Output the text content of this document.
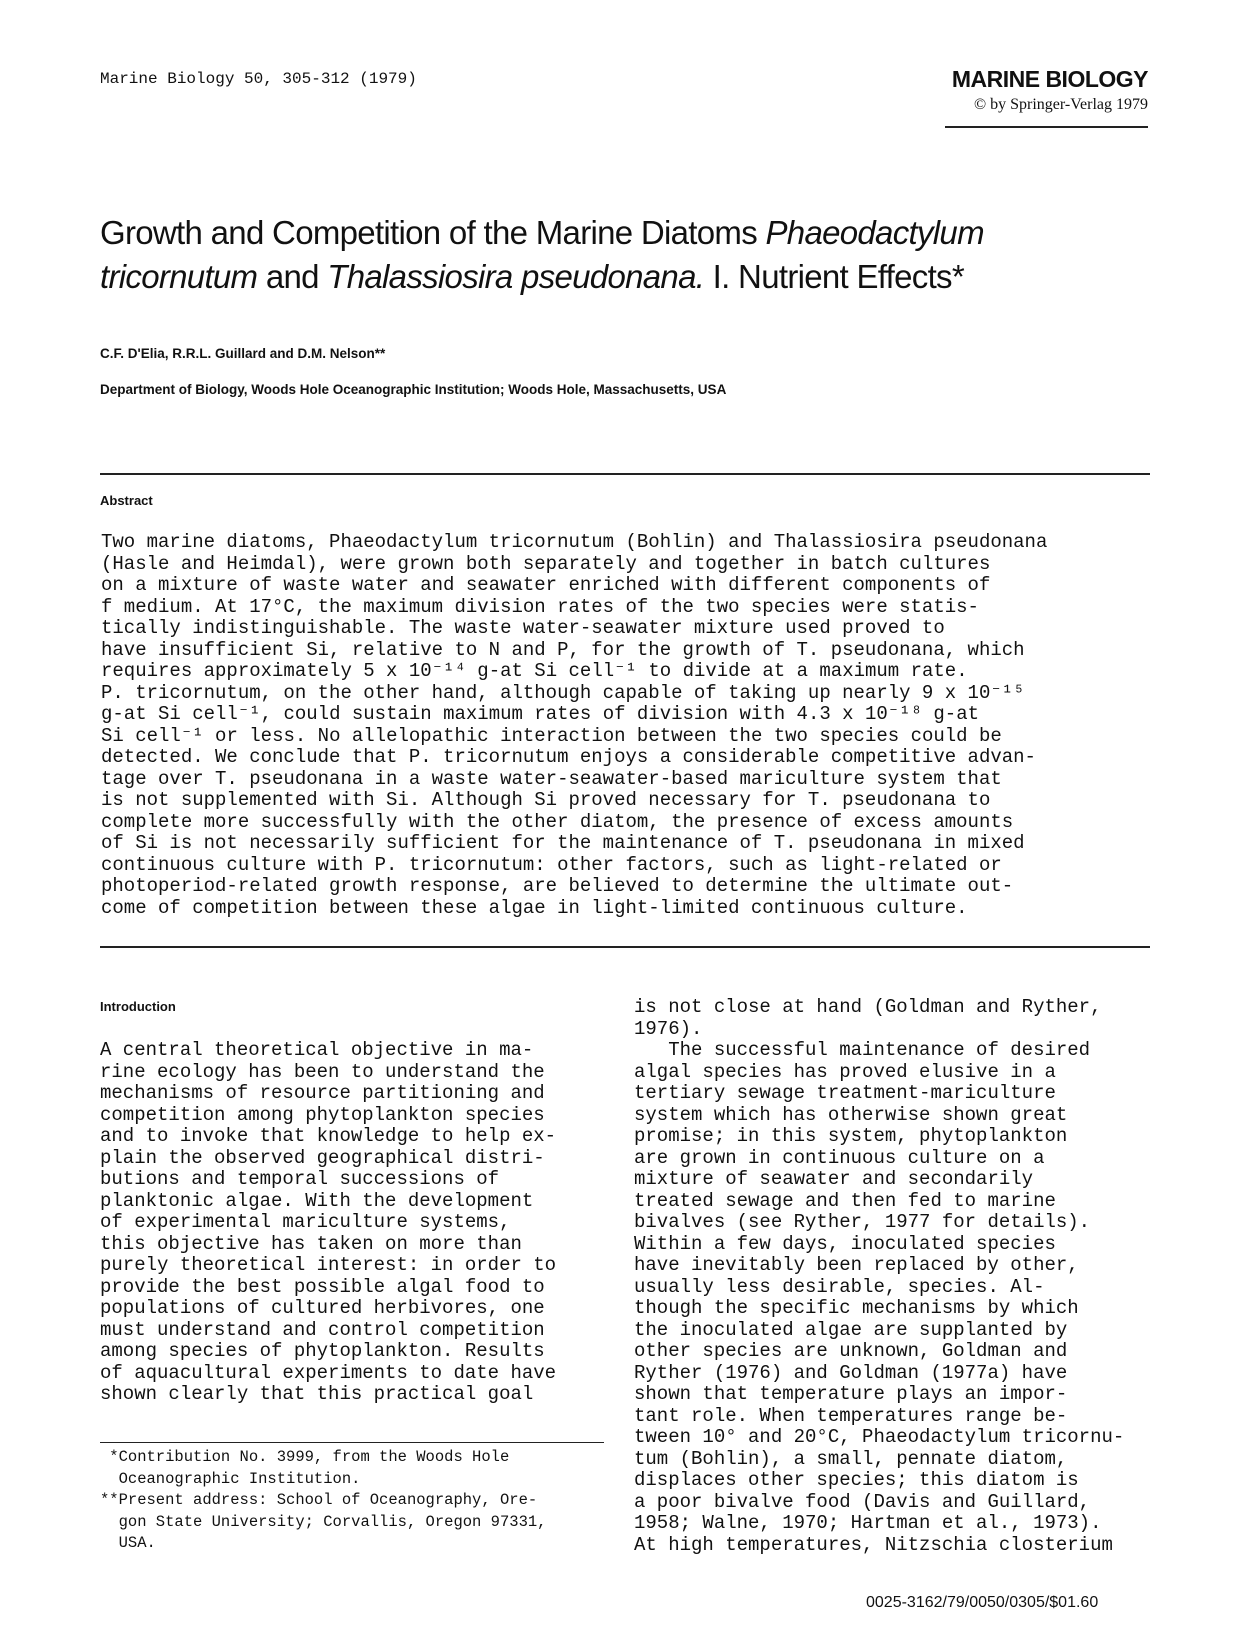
Marine Biology 50, 305-312 (1979)	MARINE BIOLOGY
© by Springer-Verlag 1979
Growth and Competition of the Marine Diatoms Phaeodactylum
tricornutum and Thalassiosira pseudonana. I. Nutrient Effects*
C.F. D'Elia, R.R.L. Guillard and D.M. Nelson**
Department of Biology, Woods Hole Oceanographic Institution; Woods Hole, Massachusetts, USA
Abstract
Two marine diatoms, Phaeodactylum tricornutum (Bohlin) and Thalassiosira pseudonana
(Hasle and Heimdal), were grown both separately and together in batch cultures
on a mixture of waste water and seawater enriched with different components of
f medium. At 17°C, the maximum division rates of the two species were statis-
tically indistinguishable. The waste water-seawater mixture used proved to
have insufficient Si, relative to N and P, for the growth of T. pseudonana, which
requires approximately 5 x 10⁻¹⁴ g-at Si cell⁻¹ to divide at a maximum rate.
P. tricornutum, on the other hand, although capable of taking up nearly 9 x 10⁻¹⁵
g-at Si cell⁻¹, could sustain maximum rates of division with 4.3 x 10⁻¹⁸ g-at
Si cell⁻¹ or less. No allelopathic interaction between the two species could be
detected. We conclude that P. tricornutum enjoys a considerable competitive advan-
tage over T. pseudonana in a waste water-seawater-based mariculture system that
is not supplemented with Si. Although Si proved necessary for T. pseudonana to
complete more successfully with the other diatom, the presence of excess amounts
of Si is not necessarily sufficient for the maintenance of T. pseudonana in mixed
continuous culture with P. tricornutum: other factors, such as light-related or
photoperiod-related growth response, are believed to determine the ultimate out-
come of competition between these algae in light-limited continuous culture.
Introduction
A central theoretical objective in ma-
rine ecology has been to understand the
mechanisms of resource partitioning and
competition among phytoplankton species
and to invoke that knowledge to help ex-
plain the observed geographical distri-
butions and temporal successions of
planktonic algae. With the development
of experimental mariculture systems,
this objective has taken on more than
purely theoretical interest: in order to
provide the best possible algal food to
populations of cultured herbivores, one
must understand and control competition
among species of phytoplankton. Results
of aquacultural experiments to date have
shown clearly that this practical goal
is not close at hand (Goldman and Ryther,
1976).
The successful maintenance of desired
algal species has proved elusive in a
tertiary sewage treatment-mariculture
system which has otherwise shown great
promise; in this system, phytoplankton
are grown in continuous culture on a
mixture of seawater and secondarily
treated sewage and then fed to marine
bivalves (see Ryther, 1977 for details).
Within a few days, inoculated species
have inevitably been replaced by other,
usually less desirable, species. Al-
though the specific mechanisms by which
the inoculated algae are supplanted by
other species are unknown, Goldman and
Ryther (1976) and Goldman (1977a) have
shown that temperature plays an impor-
tant role. When temperatures range be-
tween 10° and 20°C, Phaeodactylum tricornu-
tum (Bohlin), a small, pennate diatom,
displaces other species; this diatom is
a poor bivalve food (Davis and Guillard,
1958; Walne, 1970; Hartman et al., 1973).
At high temperatures, Nitzschia closterium
*Contribution No. 3999, from the Woods Hole
Oceanographic Institution.
**Present address: School of Oceanography, Ore-
gon State University; Corvallis, Oregon 97331,
USA.
0025-3162/79/0050/0305/$01.60
